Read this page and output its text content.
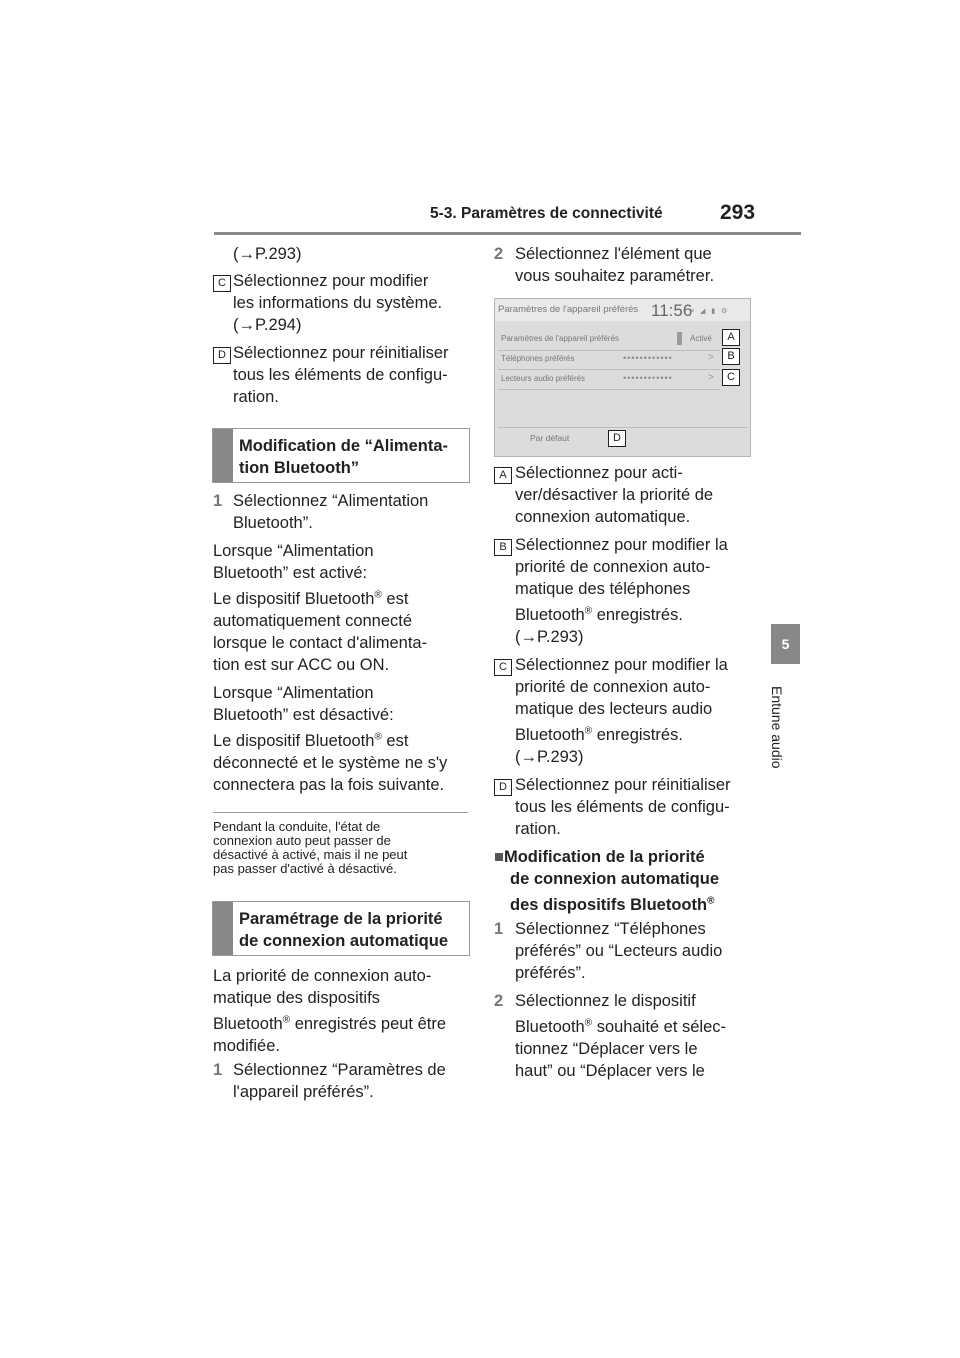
5-3. Paramètres de connectivité	293
5
Entune audio
(→P.293)
C Sélectionnez pour modifier
les informations du système.
(→P.294)
D Sélectionnez pour réinitialiser
tous les éléments de configu-
ration.
Modification de “Alimenta-
tion Bluetooth”
1 Sélectionnez “Alimentation
Bluetooth”.
Lorsque “Alimentation
Bluetooth” est activé:
Le dispositif Bluetooth® est
automatiquement connecté
lorsque le contact d'alimenta-
tion est sur ACC ou ON.
Lorsque “Alimentation
Bluetooth” est désactivé:
Le dispositif Bluetooth® est
déconnecté et le système ne s'y
connectera pas la fois suivante.
Pendant la conduite, l'état de
connexion auto peut passer de
désactivé à activé, mais il ne peut
pas passer d'activé à désactivé.
Paramétrage de la priorité
de connexion automatique
La priorité de connexion auto-
matique des dispositifs
Bluetooth® enregistrés peut être
modifiée.
1 Sélectionnez “Paramètres de
l'appareil préférés”.
2 Sélectionnez l'élément que
vous souhaitez paramétrer.
Paramètres de l'appareil préférés 11:56
≡ ◢ ▮ ⚙
Paramètres de l'appareil préférés	Activé
Téléphones préférés	••••••••••••	>
Lecteurs audio préférés	••••••••••••	>
Par défaut
A
B
C
D
A Sélectionnez pour acti-
ver/désactiver la priorité de
connexion automatique.
B Sélectionnez pour modifier la
priorité de connexion auto-
matique des téléphones
Bluetooth® enregistrés.
(→P.293)
C Sélectionnez pour modifier la
priorité de connexion auto-
matique des lecteurs audio
Bluetooth® enregistrés.
(→P.293)
D Sélectionnez pour réinitialiser
tous les éléments de configu-
ration.
■Modification de la priorité
de connexion automatique
des dispositifs Bluetooth®
1 Sélectionnez “Téléphones
préférés” ou “Lecteurs audio
préférés”.
2 Sélectionnez le dispositif
Bluetooth® souhaité et sélec-
tionnez “Déplacer vers le
haut” ou “Déplacer vers le
